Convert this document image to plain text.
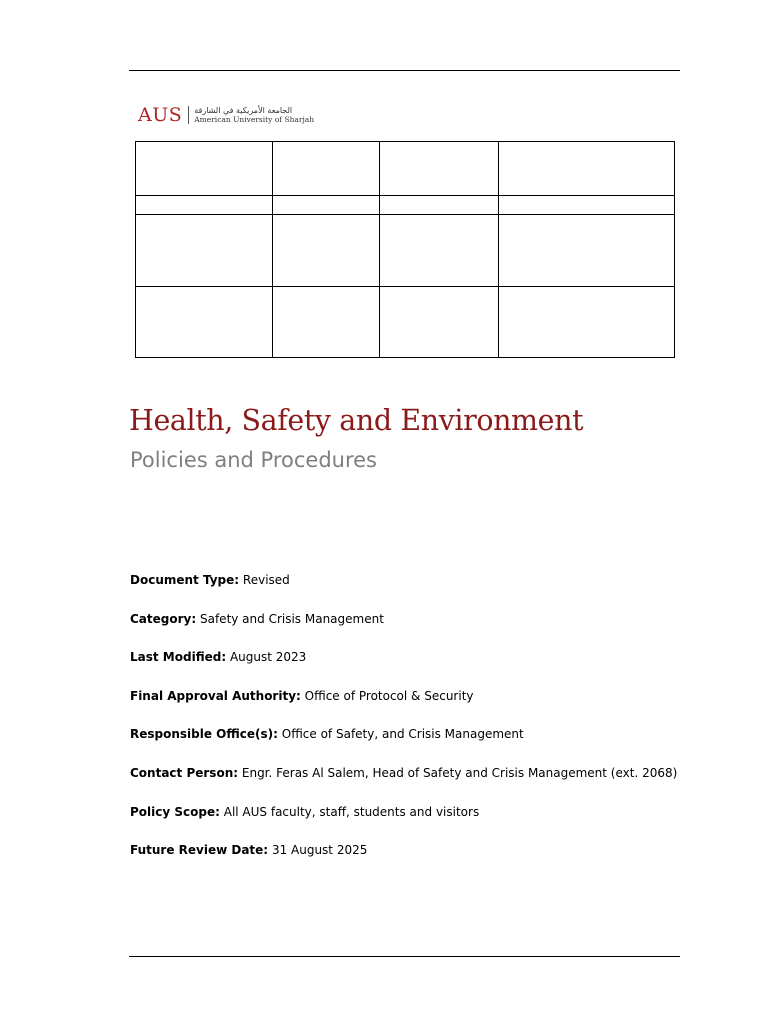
AUS الجامعة الأمريكية في الشارقة
American University of Sharjah

Health, Safety and Environment
Policies and Procedures
Document Type: Revised
Category: Safety and Crisis Management
Last Modified: August 2023
Final Approval Authority: Office of Protocol & Security
Responsible Office(s): Office of Safety, and Crisis Management
Contact Person: Engr. Feras Al Salem, Head of Safety and Crisis Management (ext. 2068)
Policy Scope: All AUS faculty, staff, students and visitors
Future Review Date: 31 August 2025
